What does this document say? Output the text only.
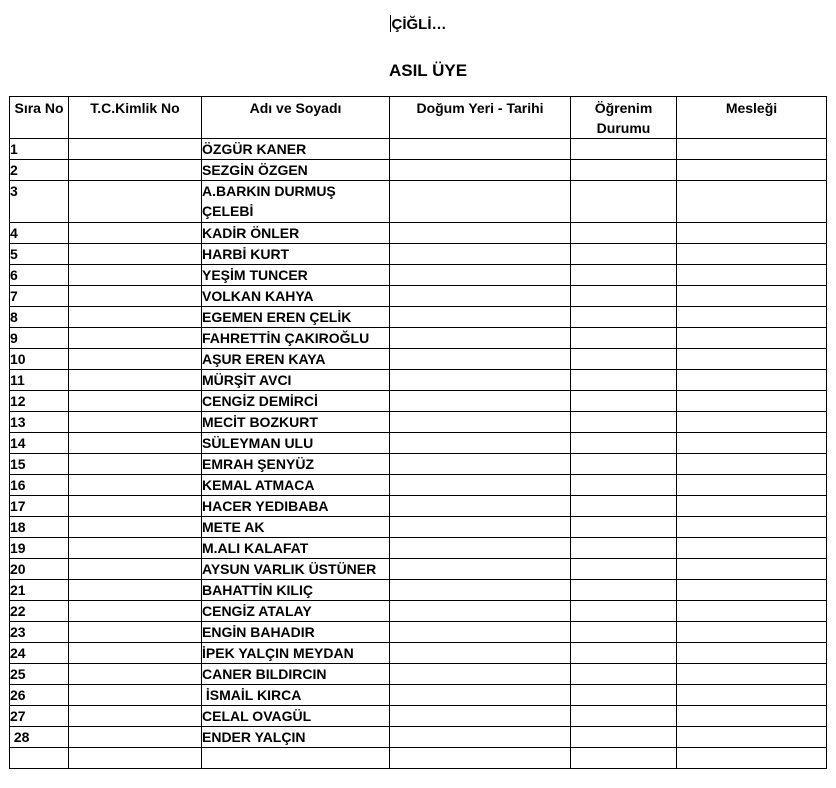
ÇİĞLİ…
ASIL ÜYE
Sıra No	T.C.Kimlik No	Adı ve Soyadı	Doğum Yeri - Tarihi	Öğrenim Durumu	Mesleği
1		ÖZGÜR KANER			
2		SEZGİN ÖZGEN			
3		A.BARKIN DURMUŞ ÇELEBİ			
4		KADİR ÖNLER			
5		HARBİ KURT			
6		YEŞİM TUNCER			
7		VOLKAN KAHYA			
8		EGEMEN EREN ÇELİK			
9		FAHRETTİN ÇAKIROĞLU			
10		AŞUR EREN KAYA			
11		MÜRŞİT AVCI			
12		CENGİZ DEMİRCİ			
13		MECİT BOZKURT			
14		SÜLEYMAN ULU			
15		EMRAH ŞENYÜZ			
16		KEMAL ATMACA			
17		HACER YEDIBABA			
18		METE AK			
19		M.ALI KALAFAT			
20		AYSUN VARLIK ÜSTÜNER			
21		BAHATTİN KILIÇ			
22		CENGİZ ATALAY			
23		ENGİN BAHADIR			
24		İPEK YALÇIN MEYDAN			
25		CANER BILDIRCIN			
26		İSMAİL KIRCA			
27		CELAL OVAGÜL			
28		ENDER YALÇIN			
